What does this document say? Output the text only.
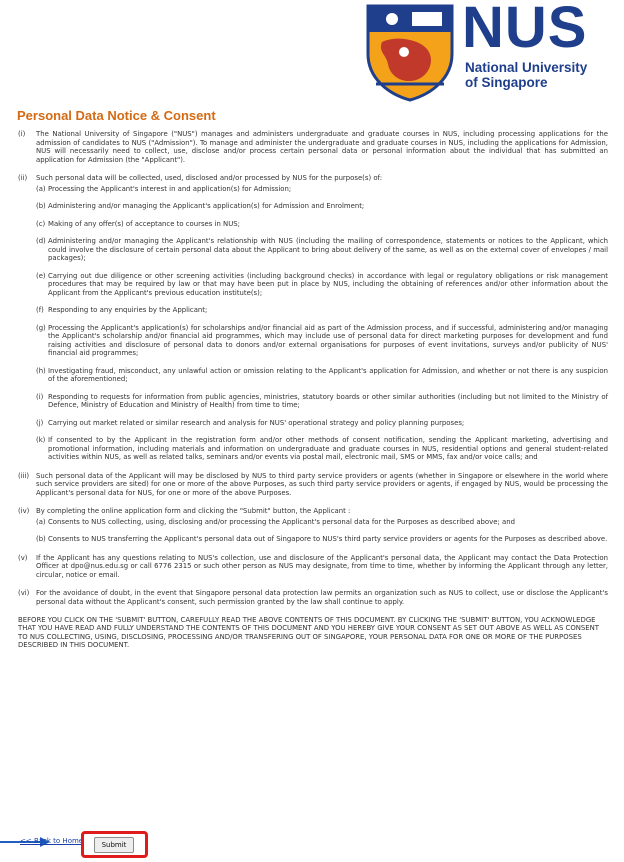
NUS
National University
of Singapore
Personal Data Notice & Consent
(i)	The National University of Singapore ("NUS") manages and administers undergraduate and graduate courses in NUS, including processing applications for the admission of candidates to NUS ("Admission"). To manage and administer the undergraduate and graduate courses in NUS, including the applications for Admission, NUS will necessarily need to collect, use, disclose and/or process certain personal data or personal information about the individual that has submitted an application for Admission (the "Applicant").
(ii)	Such personal data will be collected, used, disclosed and/or processed by NUS for the purpose(s) of:
(a) Processing the Applicant's interest in and application(s) for Admission;
(b) Administering and/or managing the Applicant's application(s) for Admission and Enrolment;
(c) Making of any offer(s) of acceptance to courses in NUS;
(d) Administering and/or managing the Applicant's relationship with NUS (including the mailing of correspondence, statements or notices to the Applicant, which could involve the disclosure of certain personal data about the Applicant to bring about delivery of the same, as well as on the external cover of envelopes / mail packages);
(e) Carrying out due diligence or other screening activities (including background checks) in accordance with legal or regulatory obligations or risk management procedures that may be required by law or that may have been put in place by NUS, including the obtaining of references and/or other information about the Applicant from the Applicant's previous education institute(s);
(f) Responding to any enquiries by the Applicant;
(g) Processing the Applicant's application(s) for scholarships and/or financial aid as part of the Admission process, and if successful, administering and/or managing the Applicant's scholarship and/or financial aid programmes, which may include use of personal data for direct marketing purposes for development and fund raising activities and disclosure of personal data to donors and/or external organisations for purposes of event invitations, surveys and/or publicity of NUS' financial aid programmes;
(h) Investigating fraud, misconduct, any unlawful action or omission relating to the Applicant's application for Admission, and whether or not there is any suspicion of the aforementioned;
(i) Responding to requests for information from public agencies, ministries, statutory boards or other similar authorities (including but not limited to the Ministry of Defence, Ministry of Education and Ministry of Health) from time to time;
(j) Carrying out market related or similar research and analysis for NUS' operational strategy and policy planning purposes;
(k) If consented to by the Applicant in the registration form and/or other methods of consent notification, sending the Applicant marketing, advertising and promotional information, including materials and information on undergraduate and graduate courses in NUS, residential options and general student-related activities within NUS, as well as related talks, seminars and/or events via postal mail, electronic mail, SMS or MMS, fax and/or voice calls; and
(iii) Such personal data of the Applicant will may be disclosed by NUS to third party service providers or agents (whether in Singapore or elsewhere in the world where such service providers are sited) for one or more of the above Purposes, as such third party service providers or agents, if engaged by NUS, would be processing the Applicant's personal data for NUS, for one or more of the above Purposes.
(iv) By completing the online application form and clicking the "Submit" button, the Applicant :
(a) Consents to NUS collecting, using, disclosing and/or processing the Applicant's personal data for the Purposes as described above; and
(b) Consents to NUS transferring the Applicant's personal data out of Singapore to NUS's third party service providers or agents for the Purposes as described above.
(v)	If the Applicant has any questions relating to NUS's collection, use and disclosure of the Applicant's personal data, the Applicant may contact the Data Protection Officer at dpo@nus.edu.sg or call 6776 2315 or such other person as NUS may designate, from time to time, whether by informing the Applicant through any letter, circular, notice or email.
(vi) For the avoidance of doubt, in the event that Singapore personal data protection law permits an organization such as NUS to collect, use or disclose the Applicant's personal data without the Applicant's consent, such permission granted by the law shall continue to apply.
BEFORE YOU CLICK ON THE 'SUBMIT' BUTTON, CAREFULLY READ THE ABOVE CONTENTS OF THIS DOCUMENT. BY CLICKING THE 'SUBMIT' BUTTON, YOU ACKNOWLEDGE THAT YOU HAVE READ AND FULLY UNDERSTAND THE CONTENTS OF THIS DOCUMENT AND YOU HEREBY GIVE YOUR CONSENT AS SET OUT ABOVE AS WELL AS CONSENT TO NUS COLLECTING, USING, DISCLOSING, PROCESSING AND/OR TRANSFERING OUT OF SINGAPORE, YOUR PERSONAL DATA FOR ONE OR MORE OF THE PURPOSES DESCRIBED IN THIS DOCUMENT.
<< Back to Home	Submit
